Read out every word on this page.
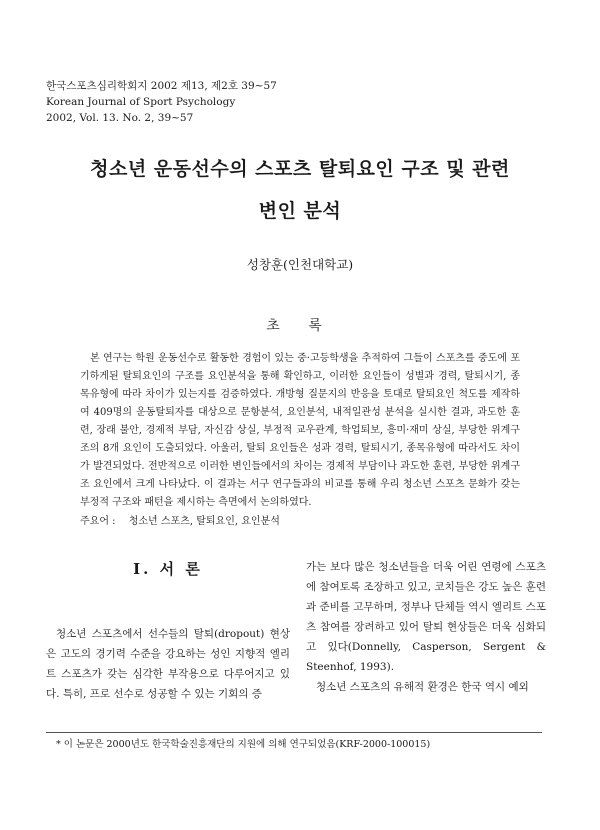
한국스포츠심리학회지 2002 제13, 제2호 39~57
Korean Journal of Sport Psychology
2002, Vol. 13. No. 2, 39~57
청소년 운동선수의 스포츠 탈퇴요인 구조 및 관련
변인 분석
성창훈(인천대학교)
초 록
본 연구는 학원 운동선수로 활동한 경험이 있는 중·고등학생을 추적하여 그들이 스포츠를 중도에 포기하게된 탈퇴요인의 구조를 요인분석을 통해 확인하고, 이러한 요인들이 성별과 경력, 탈퇴시기, 종목유형에 따라 차이가 있는지를 검증하였다. 개방형 질문지의 반응을 토대로 탈퇴요인 척도를 제작하여 409명의 운동탈퇴자를 대상으로 문항분석, 요인분석, 내적일관성 분석을 실시한 결과, 과도한 훈련, 장래 불안, 경제적 부담, 자신감 상실, 부정적 교우관계, 학업퇴보, 흥미·재미 상실, 부당한 위계구조의 8개 요인이 도출되었다. 아울러, 탈퇴 요인들은 성과 경력, 탈퇴시기, 종목유형에 따라서도 차이가 발견되었다. 전반적으로 이러한 변인들에서의 차이는 경제적 부담이나 과도한 훈련, 부당한 위계구조 요인에서 크게 나타났다. 이 결과는 서구 연구들과의 비교를 통해 우리 청소년 스포츠 문화가 갖는 부정적 구조와 패턴을 제시하는 측면에서 논의하였다.
주요어 : 청소년 스포츠, 탈퇴요인, 요인분석
I. 서 론

청소년 스포츠에서 선수들의 탈퇴(dropout) 현상은 고도의 경기력 수준을 강요하는 성인 지향적 엘리트 스포츠가 갖는 심각한 부작용으로 다루어지고 있다. 특히, 프로 선수로 성공할 수 있는 기회의 증

가는 보다 많은 청소년들을 더욱 어린 연령에 스포츠에 참여토록 조장하고 있고, 코치들은 강도 높은 훈련과 준비를 고무하며, 정부나 단체들 역시 엘리트 스포츠 참여를 장려하고 있어 탈퇴 현상들은 더욱 심화되고 있다(Donnelly, Casperson, Sergent & Steenhof, 1993).

청소년 스포츠의 유해적 환경은 한국 역시 예외

* 이 논문은 2000년도 한국학술진흥재단의 지원에 의해 연구되었음(KRF-2000-100015)
